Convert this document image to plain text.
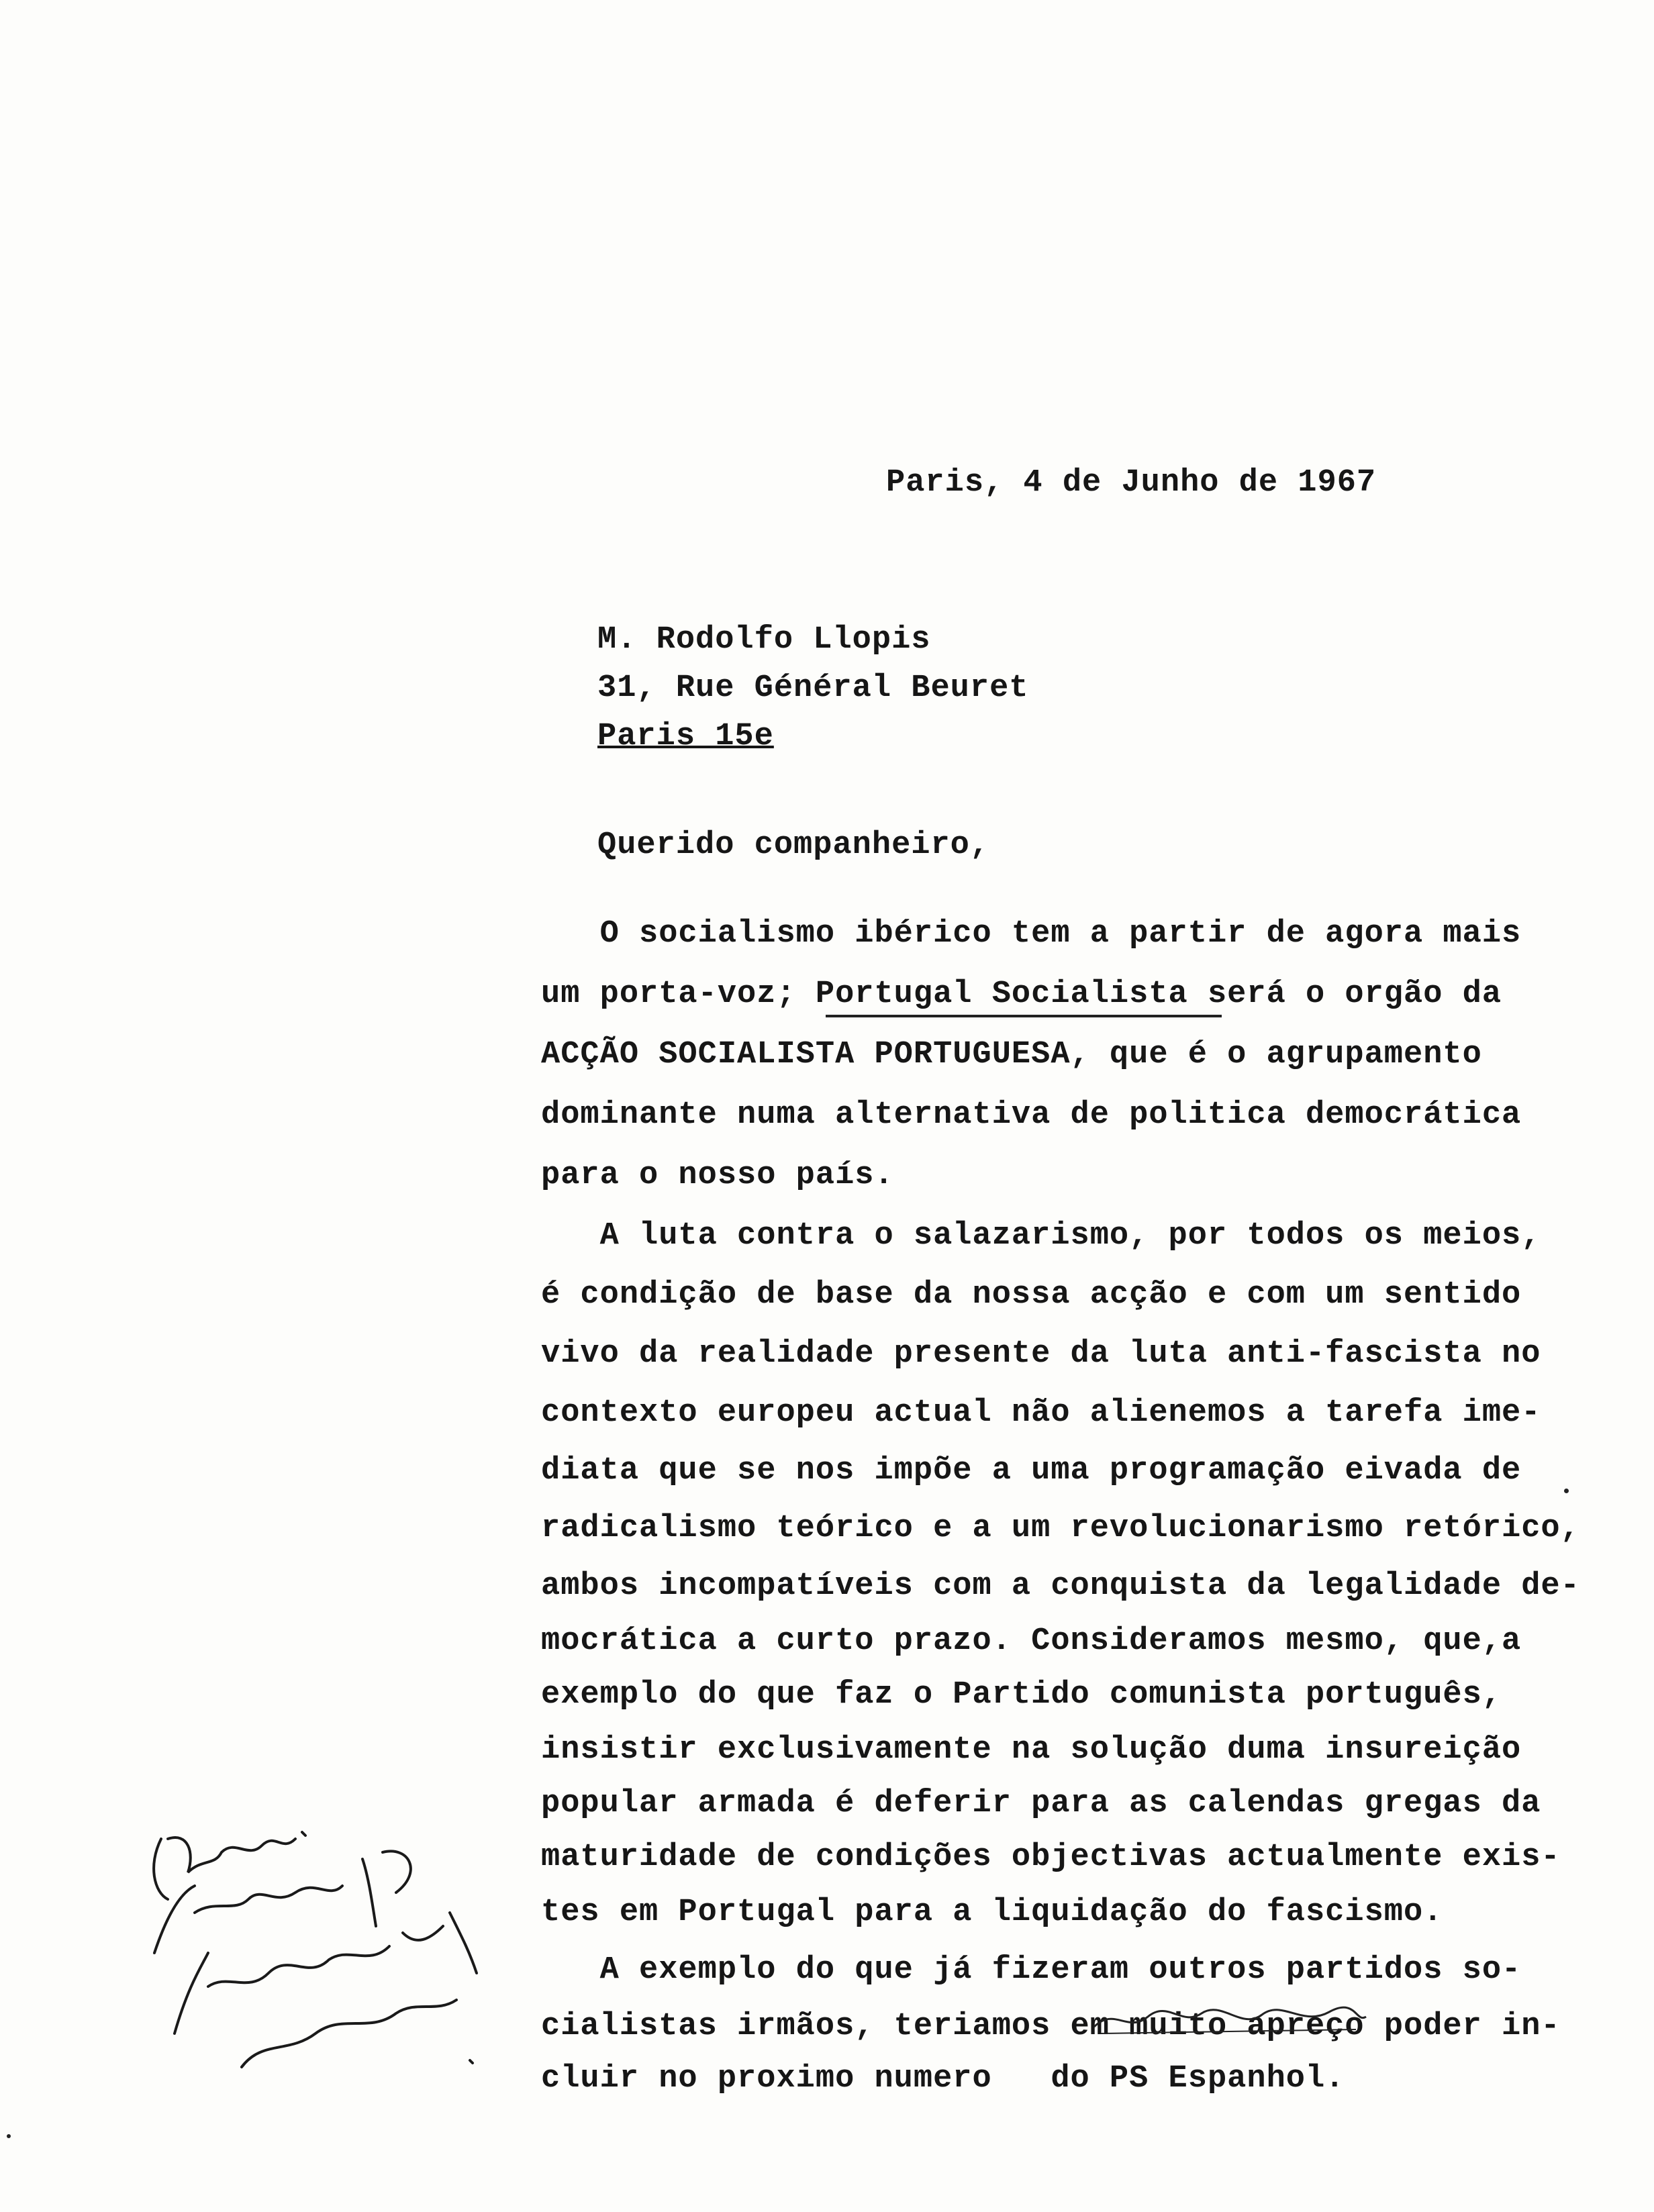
Paris, 4 de Junho de 1967
M. Rodolfo Llopis
31, Rue Général Beuret
Paris 15e
Querido companheiro,
O socialismo ibérico tem a partir de agora mais
um porta-voz; Portugal Socialista será o orgão da
ACÇÃO SOCIALISTA PORTUGUESA, que é o agrupamento
dominante numa alternativa de politica democrática
para o nosso país.
A luta contra o salazarismo, por todos os meios,
é condição de base da nossa acção e com um sentido
vivo da realidade presente da luta anti-fascista no
contexto europeu actual não alienemos a tarefa ime-
diata que se nos impõe a uma programação eivada de
radicalismo teórico e a um revolucionarismo retórico,
ambos incompatíveis com a conquista da legalidade de-
mocrática a curto prazo. Consideramos mesmo, que,a
exemplo do que faz o Partido comunista português,
insistir exclusivamente na solução duma insureição
popular armada é deferir para as calendas gregas da
maturidade de condições objectivas actualmente exis-
tes em Portugal para a liquidação do fascismo.
A exemplo do que já fizeram outros partidos so-
cialistas irmãos, teriamos em muito apreço poder in-
cluir no proximo numero   do PS Espanhol.
